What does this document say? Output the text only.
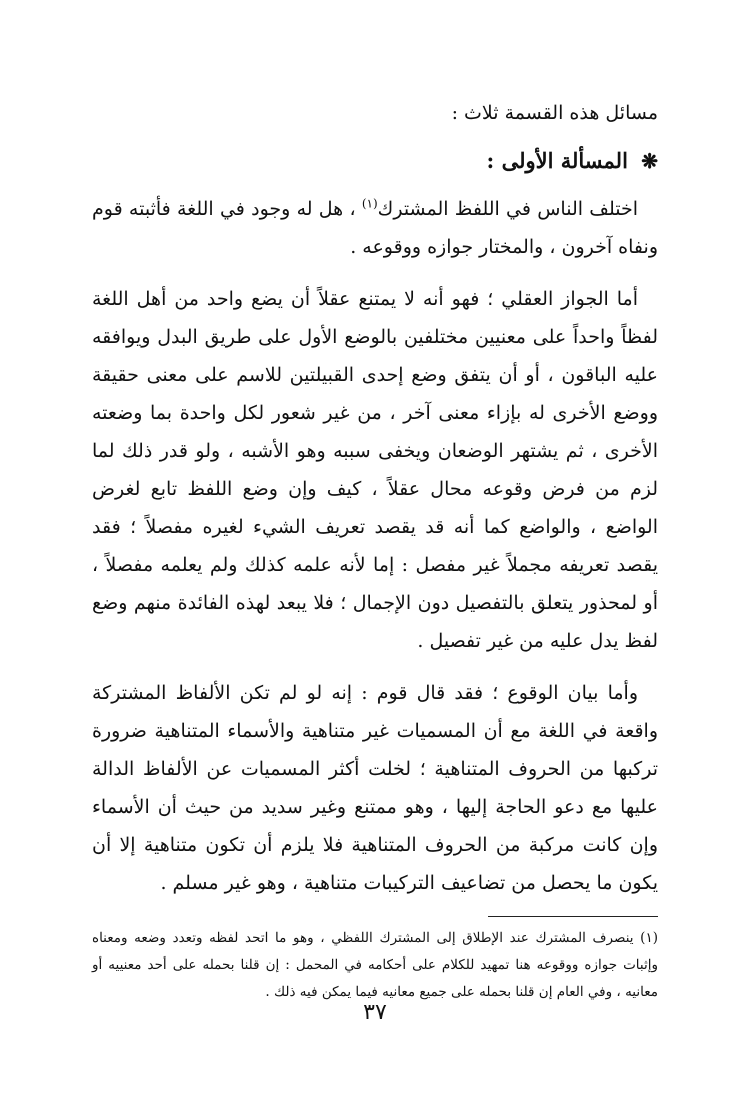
مسائل هذه القسمة ثلاث :

❋ المسألة الأولى :

اختلف الناس في اللفظ المشترك$^{(١)}$ ، هل له وجود في اللغة فأثبته قوم ونفاه آخرون ، والمختار جوازه ووقوعه .

أما الجواز العقلي ؛ فهو أنه لا يمتنع عقلاً أن يضع واحد من أهل اللغة لفظاً واحداً على معنيين مختلفين بالوضع الأول على طريق البدل ويوافقه عليه الباقون ، أو أن يتفق وضع إحدى القبيلتين للاسم على معنى حقيقة ووضع الأخرى له بإزاء معنى آخر ، من غير شعور لكل واحدة بما وضعته الأخرى ، ثم يشتهر الوضعان ويخفى سببه وهو الأشبه ، ولو قدر ذلك لما لزم من فرض وقوعه محال عقلاً ، كيف وإن وضع اللفظ تابع لغرض الواضع ، والواضع كما أنه قد يقصد تعريف الشيء لغيره مفصلاً ؛ فقد يقصد تعريفه مجملاً غير مفصل : إما لأنه علمه كذلك ولم يعلمه مفصلاً ، أو لمحذور يتعلق بالتفصيل دون الإجمال ؛ فلا يبعد لهذه الفائدة منهم وضع لفظ يدل عليه من غير تفصيل .

وأما بيان الوقوع ؛ فقد قال قوم : إنه لو لم تكن الألفاظ المشتركة واقعة في اللغة مع أن المسميات غير متناهية والأسماء المتناهية ضرورة تركبها من الحروف المتناهية ؛ لخلت أكثر المسميات عن الألفاظ الدالة عليها مع دعو الحاجة إليها ، وهو ممتنع وغير سديد من حيث أن الأسماء وإن كانت مركبة من الحروف المتناهية فلا يلزم أن تكون متناهية إلا أن يكون ما يحصل من تضاعيف التركيبات متناهية ، وهو غير مسلم .

(١) ينصرف المشترك عند الإطلاق إلى المشترك اللفظي ، وهو ما اتحد لفظه وتعدد وضعه ومعناه وإثبات جوازه ووقوعه هنا تمهيد للكلام على أحكامه في المحمل : إن قلنا بحمله على أحد معنييه أو معانيه ، وفي العام إن قلنا بحمله على جميع معانيه فيما يمكن فيه ذلك .

٣٧
